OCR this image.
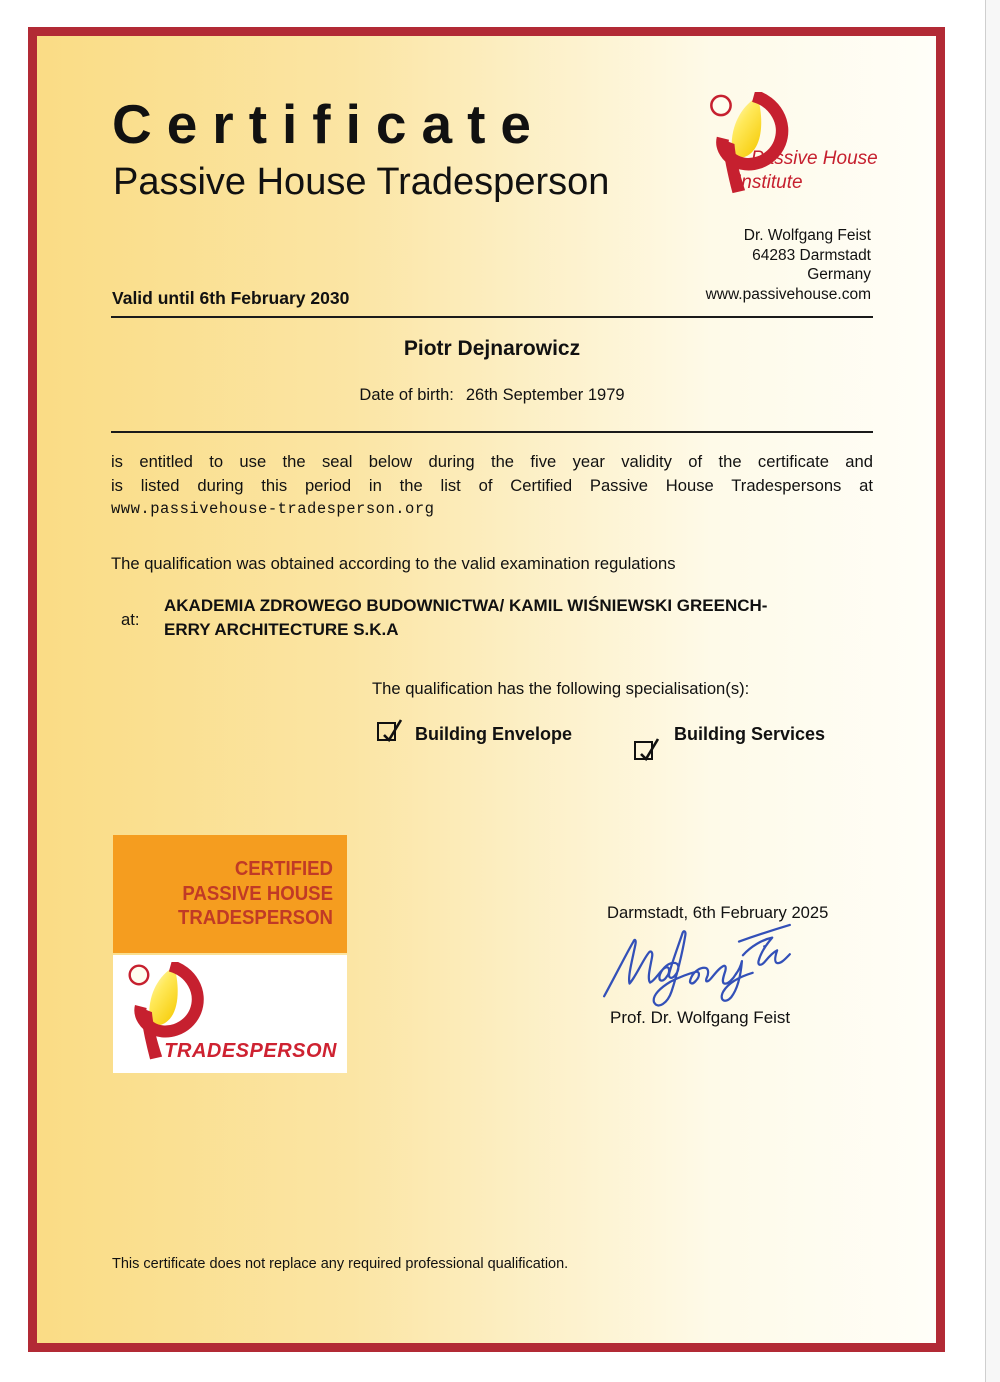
Certificate
Passive House Tradesperson
Passive House
Institute
Dr. Wolfgang Feist
64283 Darmstadt
Germany
www.passivehouse.com
Valid until 6th February 2030
Piotr Dejnarowicz
Date of birth: 26th September 1979
is entitled to use the seal below during the five year validity of the certificate and
is listed during this period in the list of Certified Passive House Tradespersons at
www.passivehouse-tradesperson.org
The qualification was obtained according to the valid examination regulations
at:
AKADEMIA ZDROWEGO BUDOWNICTWA/ KAMIL WIŚNIEWSKI GREENCH-
ERRY ARCHITECTURE S.K.A
The qualification has the following specialisation(s):
Building Envelope	Building Services
CERTIFIED
PASSIVE HOUSE
TRADESPERSON
TRADESPERSON
Darmstadt, 6th February 2025
Prof. Dr. Wolfgang Feist
This certificate does not replace any required professional qualification.
